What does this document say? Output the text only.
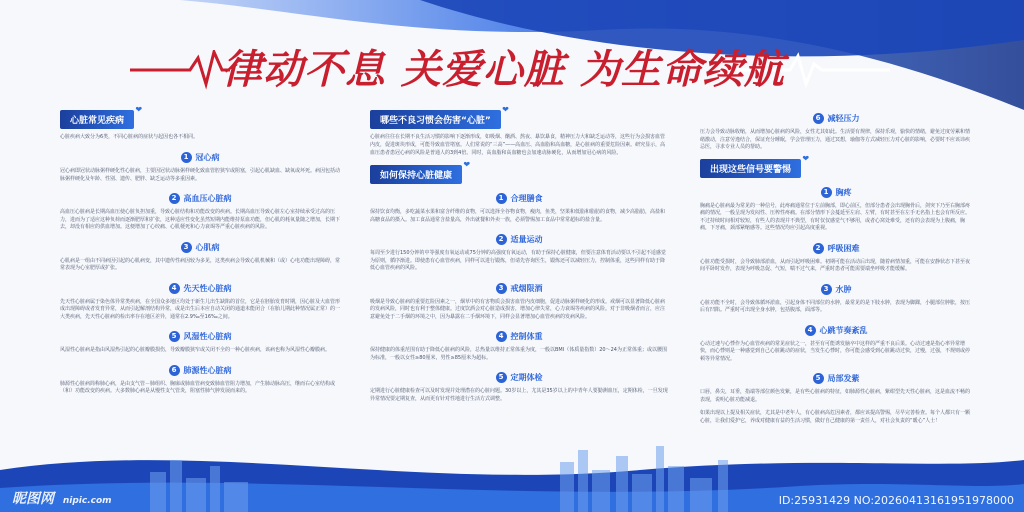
律动不息 关爱心脏 为生命续航
心脏常见疾病 ❤
心脏疾病大致分为6类，不同心脏病的症状与起因也各不相同。
1 冠心病
冠心病即冠状动脉粥样硬化性心脏病，主要因冠状动脉粥样硬化致血管腔狭窄或阻塞，引起心肌缺血、缺氧或坏死。病因包括动脉粥样硬化及年龄、性别、遗传、肥胖、缺乏运动等多重因素。
2 高血压心脏病
高血压心脏病是长期高血压使心脏负担加重，导致心脏结构和功能改变的疾病。长期高血压导致心脏左心室持续承受过高的压力，进而为了适应这种负荷而逐渐肥厚和扩张，这种适应性变化虽然短期内能维持泵血功能，但心肌的耗氧量随之增加，长期下去，却没有相应的供血增加。这便增加了心绞痛、心肌梗死和心力衰竭等严重心脏疾病的风险。
3 心肌病
心肌病是一组由不同病因引起的心肌病变，其中遗传性病因较为多见，这类疾病会导致心肌机械和（或）心电功能出现障碍，常常表现为心室肥厚或扩张。
4 先天性心脏病
先天性心脏病属于染色体异常类疾病，在全国众多地区均处于新生儿出生缺陷的首位，它是在胚胎发育时期，因心脏及大血管形成出现障碍或者发育异常，从而引起解剖结构异常，或是出生后本应自动关闭的通道未能闭合（在胎儿期此种情况属正常）的一大类疾病，先天性心脏病的检出率存在地区差异，通常在2.9‰至16‰之间。
5 风湿性心脏病
风湿性心脏病是指由风湿热引起的心脏瓣膜损伤，导致瓣膜狭窄或关闭不全的一种心脏疾病，该病也称为风湿性心瓣膜病。
6 肺源性心脏病
肺源性心脏病简称肺心病，是由支气管－肺组织、胸廓或肺血管病变致肺血管阻力增加，产生肺动脉高压，继而右心室结构或（和）功能改变的疾病。大多数肺心病是从慢性支气管炎，阻塞性肺气肿发展而来的。
哪些不良习惯会伤害“心脏” ❤
心脏病往往在长期不良生活习惯的影响下逐渐形成，如吸烟、酗酒、熬夜、暴饮暴食，精神压力大和缺乏运动等，这些行为会损害血管内皮，促进斑块形成，可能导致血管堵塞。人们常说的“三高”——高血压、高血脂和高血糖，是心脏病的重要危险因素。研究显示，高血压患者患冠心病的风险是普通人的3到4倍。同时，高血脂和高血糖也会加速动脉硬化，从而增加冠心病的风险。
如何保持心脏健康 ❤
1 合理膳食
保持饮食均衡，多吃蔬菜水果和富含纤维的食物，可以选择全谷物食物，瘦肉，鱼类，坚果和低脂和脂肪的食物，减少高脂肪，高盐和高糖食品的摄入。加工食品通常含盐量高，外出就餐和外卖一族，必须警惕加工食品中常常超标的盐含量。
2 适量运动
每周至少进行150分钟的中等强度有氧运动或75分钟的高强度有氧运动，有助于保持心脏健康，但要注意体育活动要以不引起不适感觉为原则，循序渐进。即使患有心血管疾病，同样可以进行锻炼，但请先咨询医生，锻炼还可以减轻压力，控制体重，这些同样有助于降低心血管疾病的风险。
3 戒烟限酒
吸烟是导致心脏病的重要危险因素之一，烟草中的有害物质会损害血管内皮细胞，促进动脉粥样硬化的形成。戒烟可以显著降低心脏病的发病风险，同时也有利于整体健康。过度饮酒会对心脏造成损害，增加心律失常，心力衰竭等疾病的风险。对于非吸烟者而言，应注意避免处于二手烟的环境之中，因为暴露在二手烟环境下，同样会显著增加心血管疾病的发病风险。
4 控制体重
保持健康的体重范围有助于降低心脏病的风险，总热量以维持正常体重为度，一般以BMI（体质量指数）20～24为正常体重；或以腰围为标准，一般以女性≥80厘米，男性≥85厘米为超标。
5 定期体检
定期进行心脏健康检查可以及时发现并处理潜在的心脏问题。30岁以上，尤其是35岁以上的中青年人要勤测血压，定期体检，一旦发现异常情况要定期复查，从而更有针对性地进行生活方式调整。
6 减轻压力
压力会导致动脉收缩，从而增加心脏病的风险，女性尤其如此。生活要有规律，保持乐观，愉快的情绪，避免过度劳累和情绪激动，注意劳逸结合，保证充分睡眠，学会管理压力，通过冥想，瑜伽等方式减轻压力对心脏的影响，必要时不应该讳疾忌医，寻求专业人员的帮助。
出现这些信号要警惕 ❤
1 胸疼
胸痛是心脏病最为常见的一种信号，此疼痛通常位于左前胸部，即心前区，但部分患者会出现胸骨后，剑突下乃至右胸部疼痛的情况，一般呈现为发闷性、压榨性疼痛。在部分情形下会蔓延至左肩、左臂，有时甚至在左手无名指上也会有所反应。不过持续时间相对较短，有些人的表现并不典型，有时仅仅感觉气不够用，或者心窝处难受，还有的会表现为上腹痛，胸痛，下牙痛，颈部紧缩感等。这些情况均应引起高度重视。
2 呼吸困难
心脏功能受损时，会导致肺部淤血，从而引起呼吸困难。初期可能在活动后出现，随着病情加重，可能在安静状态下甚至夜间平卧时发作，表现为呼吸急促、气短，喘不过气来，严重时患者可能需要端坐呼吸才能缓解。
3 水肿
心脏功能不全时，会导致体循环淤血，引起身体不同部位的水肿，最常见的是下肢水肿，表现为脚踝，小腿部位肿胀，按压后有凹陷。严重时可出现全身水肿，包括腹部，面部等。
4 心跳节奏紊乱
心动过速与心悸作为心血管疾病的常见症状之一，甚至有可能诱发脑卒中这样的严重不良后果。心动过速是指心率异常增快，而心悸则是一种感觉到自己心脏跳动的症状，当发生心悸时，你可能会感受到心脏跳动过快，过慢，过强，不规则或停顿等异常情况。
5 局部发紫
口唇，鼻尖，耳垂，指端等部位颜色发紫，是有些心脏病的特征，如肺源性心脏病，紫绀型先天性心脏病，这是血流不畅的表现，说明心脏功能减退。
如果出现以上提及相关症状，尤其是中老年人，有心脏病高危因素者，都应该提高警惕，尽早完善检查。每个人都只有一颗心脏，让我们爱护它，养成对健康有益的生活习惯，做好自己健康的第一责任人，对社会负责的“暖心”人士！
昵图网 nipic.com	ID:25931429 NO:20260413161951978000
